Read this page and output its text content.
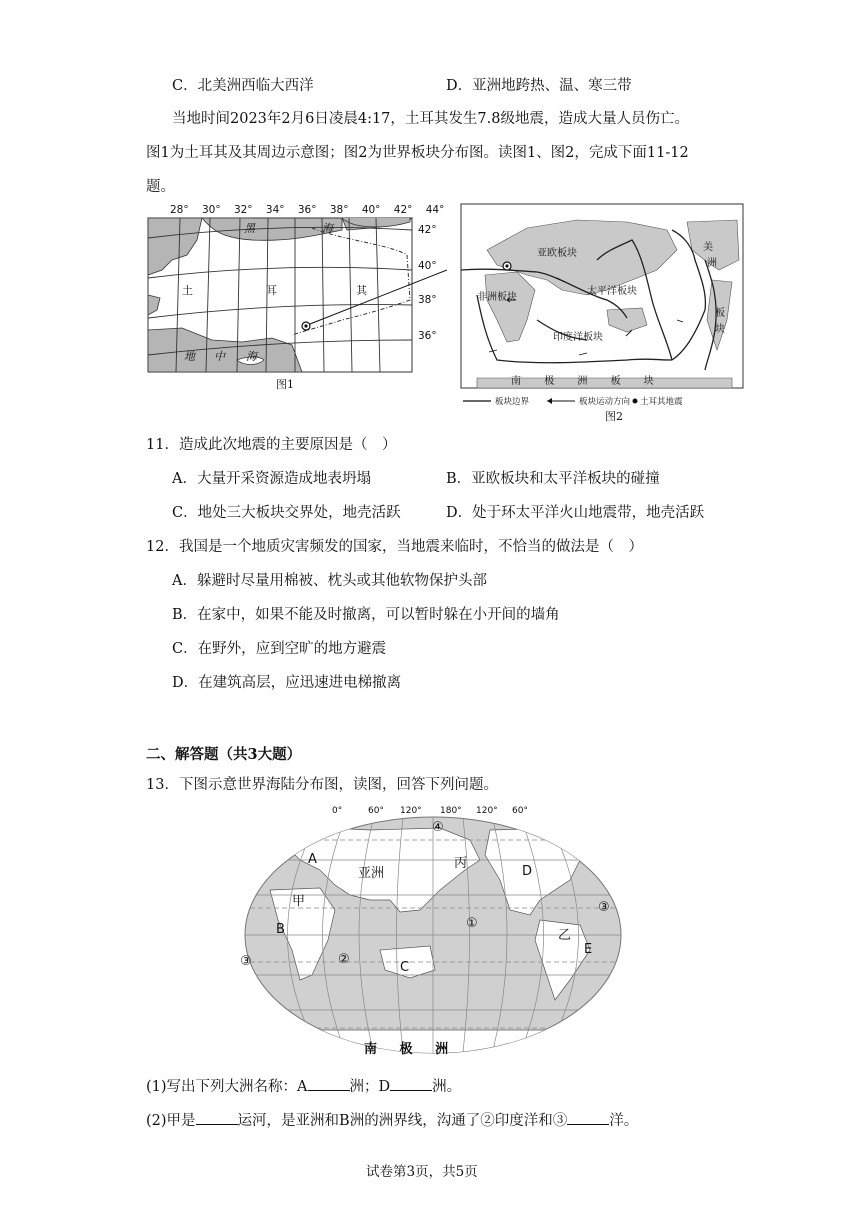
C．北美洲西临大西洋	D．亚洲地跨热、温、寒三带
当地时间2023年2月6日凌晨4:17，土耳其发生7.8级地震，造成大量人员伤亡。
图1为土耳其及其周边示意图；图2为世界板块分布图。读图1、图2，完成下面11-12
题。
28° 30° 32° 34° 36° 38° 40° 42° 44°
42°
40°
38°
36°
黑	海
土	耳	其
地 中 海
图1
亚欧板块
非洲板块
太平洋板块
印度洋板块
美
洲
板
块
南 极 洲 板 块
板块边界	板块运动方向 土耳其地震
图2
11．造成此次地震的主要原因是（　）
A．大量开采资源造成地表坍塌	B．亚欧板块和太平洋板块的碰撞
C．地处三大板块交界处，地壳活跃	D．处于环太平洋火山地震带，地壳活跃
12．我国是一个地质灾害频发的国家，当地震来临时，不恰当的做法是（　）
A．躲避时尽量用棉被、枕头或其他软物保护头部
B．在家中，如果不能及时撤离，可以暂时躲在小开间的墙角
C．在野外，应到空旷的地方避震
D．在建筑高层，应迅速进电梯撤离
二、解答题（共3大题）
13．下图示意世界海陆分布图，读图，回答下列问题。
0°	60° 120° 180° 120° 60°
④
A
亚洲
丙
D
甲
B	①
③
乙
E
②
③	C
南 极 洲
(1)写出下列大洲名称：A	洲；D	洲。
(2)甲是	运河，是亚洲和B洲的洲界线，沟通了②印度洋和③	洋。
试卷第3页，共5页
